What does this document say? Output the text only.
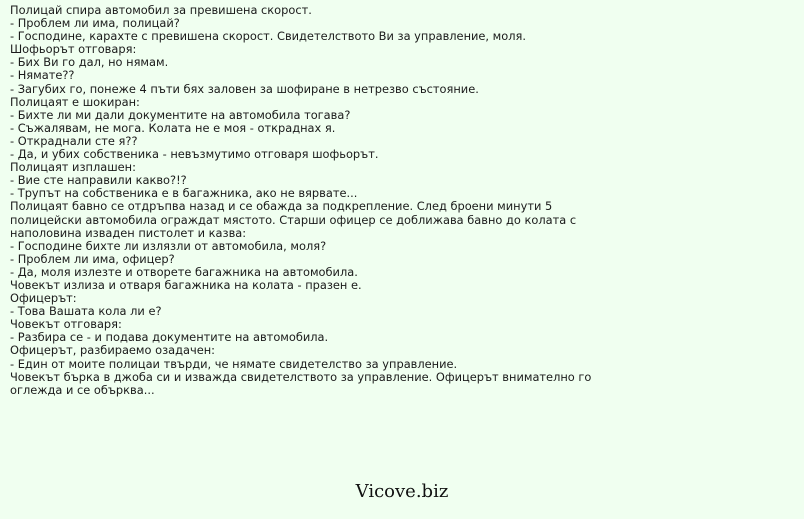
Полицай спира автомобил за превишена скорост.
- Проблем ли има, полицай?
- Господине, карахте с превишена скорост. Свидетелството Ви за управление, моля.
Шофьорът отговаря:
- Бих Ви го дал, но нямам.
- Нямате??
- Загубих го, понеже 4 пъти бях заловен за шофиране в нетрезво състояние.
Полицаят е шокиран:
- Бихте ли ми дали документите на автомобила тогава?
- Съжалявам, не мога. Колата не е моя - откраднах я.
- Откраднали сте я??
- Да, и убих собственика - невъзмутимо отговаря шофьорът.
Полицаят изплашен:
- Вие сте направили какво?!?
- Трупът на собственика е в багажника, ако не вярвате...
Полицаят бавно се отдръпва назад и се обажда за подкрепление. След броени минути 5
полицейски автомобила ограждат мястото. Старши офицер се доближава бавно до колата с
наполовина изваден пистолет и казва:
- Господине бихте ли излязли от автомобила, моля?
- Проблем ли има, офицер?
- Да, моля излезте и отворете багажника на автомобила.
Човекът излиза и отваря багажника на колата - празен е.
Офицерът:
- Това Вашата кола ли е?
Човекът отговаря:
- Разбира се - и подава документите на автомобила.
Офицерът, разбираемо озадачен:
- Един от моите полицаи твърди, че нямате свидетелство за управление.
Човекът бърка в джоба си и изважда свидетелството за управление. Офицерът внимателно го
оглежда и се обърква...
Vicove.biz
